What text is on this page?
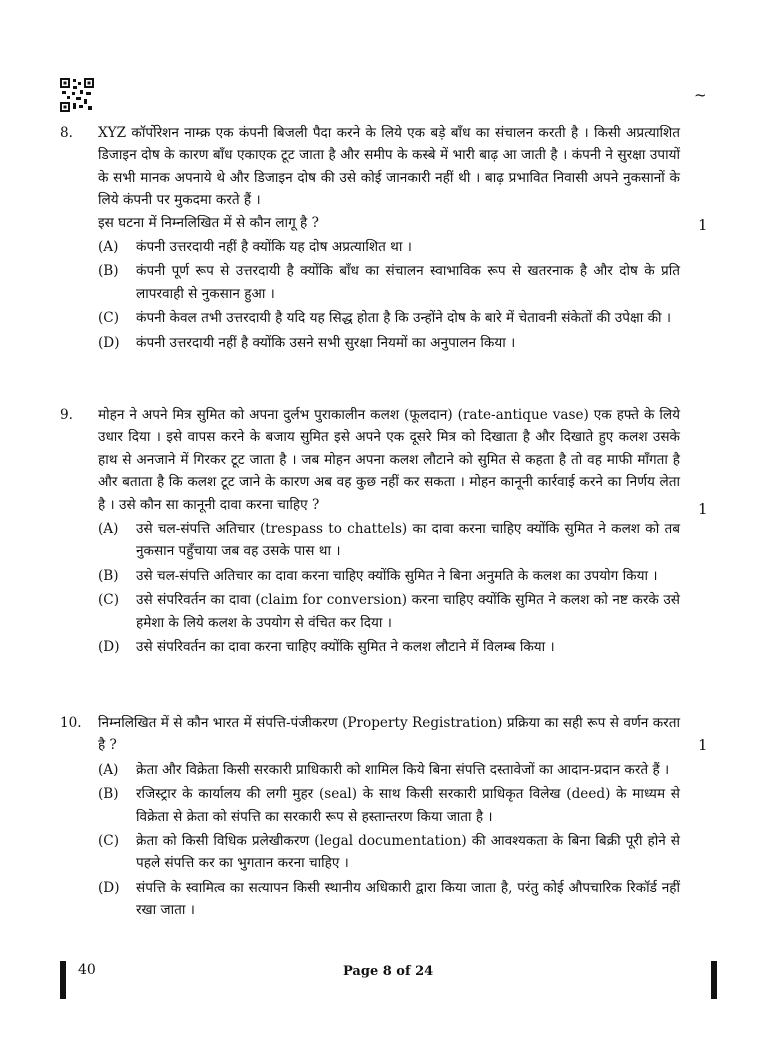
~
8.	XYZ कॉर्पोरेशन नाम्क्र एक कंपनी बिजली पैदा करने के लिये एक बड़े बाँध का संचालन करती है । किसी अप्रत्याशित डिजाइन दोष के कारण बाँध एकाएक टूट जाता है और समीप के कस्बे में भारी बाढ़ आ जाती है । कंपनी ने सुरक्षा उपायों के सभी मानक अपनाये थे और डिजाइन दोष की उसे कोई जानकारी नहीं थी । बाढ़ प्रभावित निवासी अपने नुकसानों के लिये कंपनी पर मुकदमा करते हैं ।
इस घटना में निम्नलिखित में से कौन लागू है ?
(A) कंपनी उत्तरदायी नहीं है क्योंकि यह दोष अप्रत्याशित था ।
(B) कंपनी पूर्ण रूप से उत्तरदायी है क्योंकि बाँध का संचालन स्वाभाविक रूप से खतरनाक है और दोष के प्रति लापरवाही से नुकसान हुआ ।
(C) कंपनी केवल तभी उत्तरदायी है यदि यह सिद्ध होता है कि उन्होंने दोष के बारे में चेतावनी संकेतों की उपेक्षा की ।
(D) कंपनी उत्तरदायी नहीं है क्योंकि उसने सभी सुरक्षा नियमों का अनुपालन किया ।
1
9.	मोहन ने अपने मित्र सुमित को अपना दुर्लभ पुराकालीन कलश (फूलदान) (rate-antique vase) एक हफ्ते के लिये उधार दिया । इसे वापस करने के बजाय सुमित इसे अपने एक दूसरे मित्र को दिखाता है और दिखाते हुए कलश उसके हाथ से अनजाने में गिरकर टूट जाता है । जब मोहन अपना कलश लौटाने को सुमित से कहता है तो वह माफी माँगता है और बताता है कि कलश टूट जाने के कारण अब वह कुछ नहीं कर सकता । मोहन कानूनी कार्रवाई करने का निर्णय लेता है । उसे कौन सा कानूनी दावा करना चाहिए ?
(A) उसे चल-संपत्ति अतिचार (trespass to chattels) का दावा करना चाहिए क्योंकि सुमित ने कलश को तब नुकसान पहुँचाया जब वह उसके पास था ।
(B) उसे चल-संपत्ति अतिचार का दावा करना चाहिए क्योंकि सुमित ने बिना अनुमति के कलश का उपयोग किया ।
(C) उसे संपरिवर्तन का दावा (claim for conversion) करना चाहिए क्योंकि सुमित ने कलश को नष्ट करके उसे हमेशा के लिये कलश के उपयोग से वंचित कर दिया ।
(D) उसे संपरिवर्तन का दावा करना चाहिए क्योंकि सुमित ने कलश लौटाने में विलम्ब किया ।
1
10.	निम्नलिखित में से कौन भारत में संपत्ति-पंजीकरण (Property Registration) प्रक्रिया का सही रूप से वर्णन करता है ?
(A) क्रेता और विक्रेता किसी सरकारी प्राधिकारी को शामिल किये बिना संपत्ति दस्तावेजों का आदान-प्रदान करते हैं ।
(B) रजिस्ट्रार के कार्यालय की लगी मुहर (seal) के साथ किसी सरकारी प्राधिकृत विलेख (deed) के माध्यम से विक्रेता से क्रेता को संपत्ति का सरकारी रूप से हस्तान्तरण किया जाता है ।
(C) क्रेता को किसी विधिक प्रलेखीकरण (legal documentation) की आवश्यकता के बिना बिक्री पूरी होने से पहले संपत्ति कर का भुगतान करना चाहिए ।
(D) संपत्ति के स्वामित्व का सत्यापन किसी स्थानीय अधिकारी द्वारा किया जाता है, परंतु कोई औपचारिक रिकॉर्ड नहीं रखा जाता ।
1
40	Page 8 of 24
